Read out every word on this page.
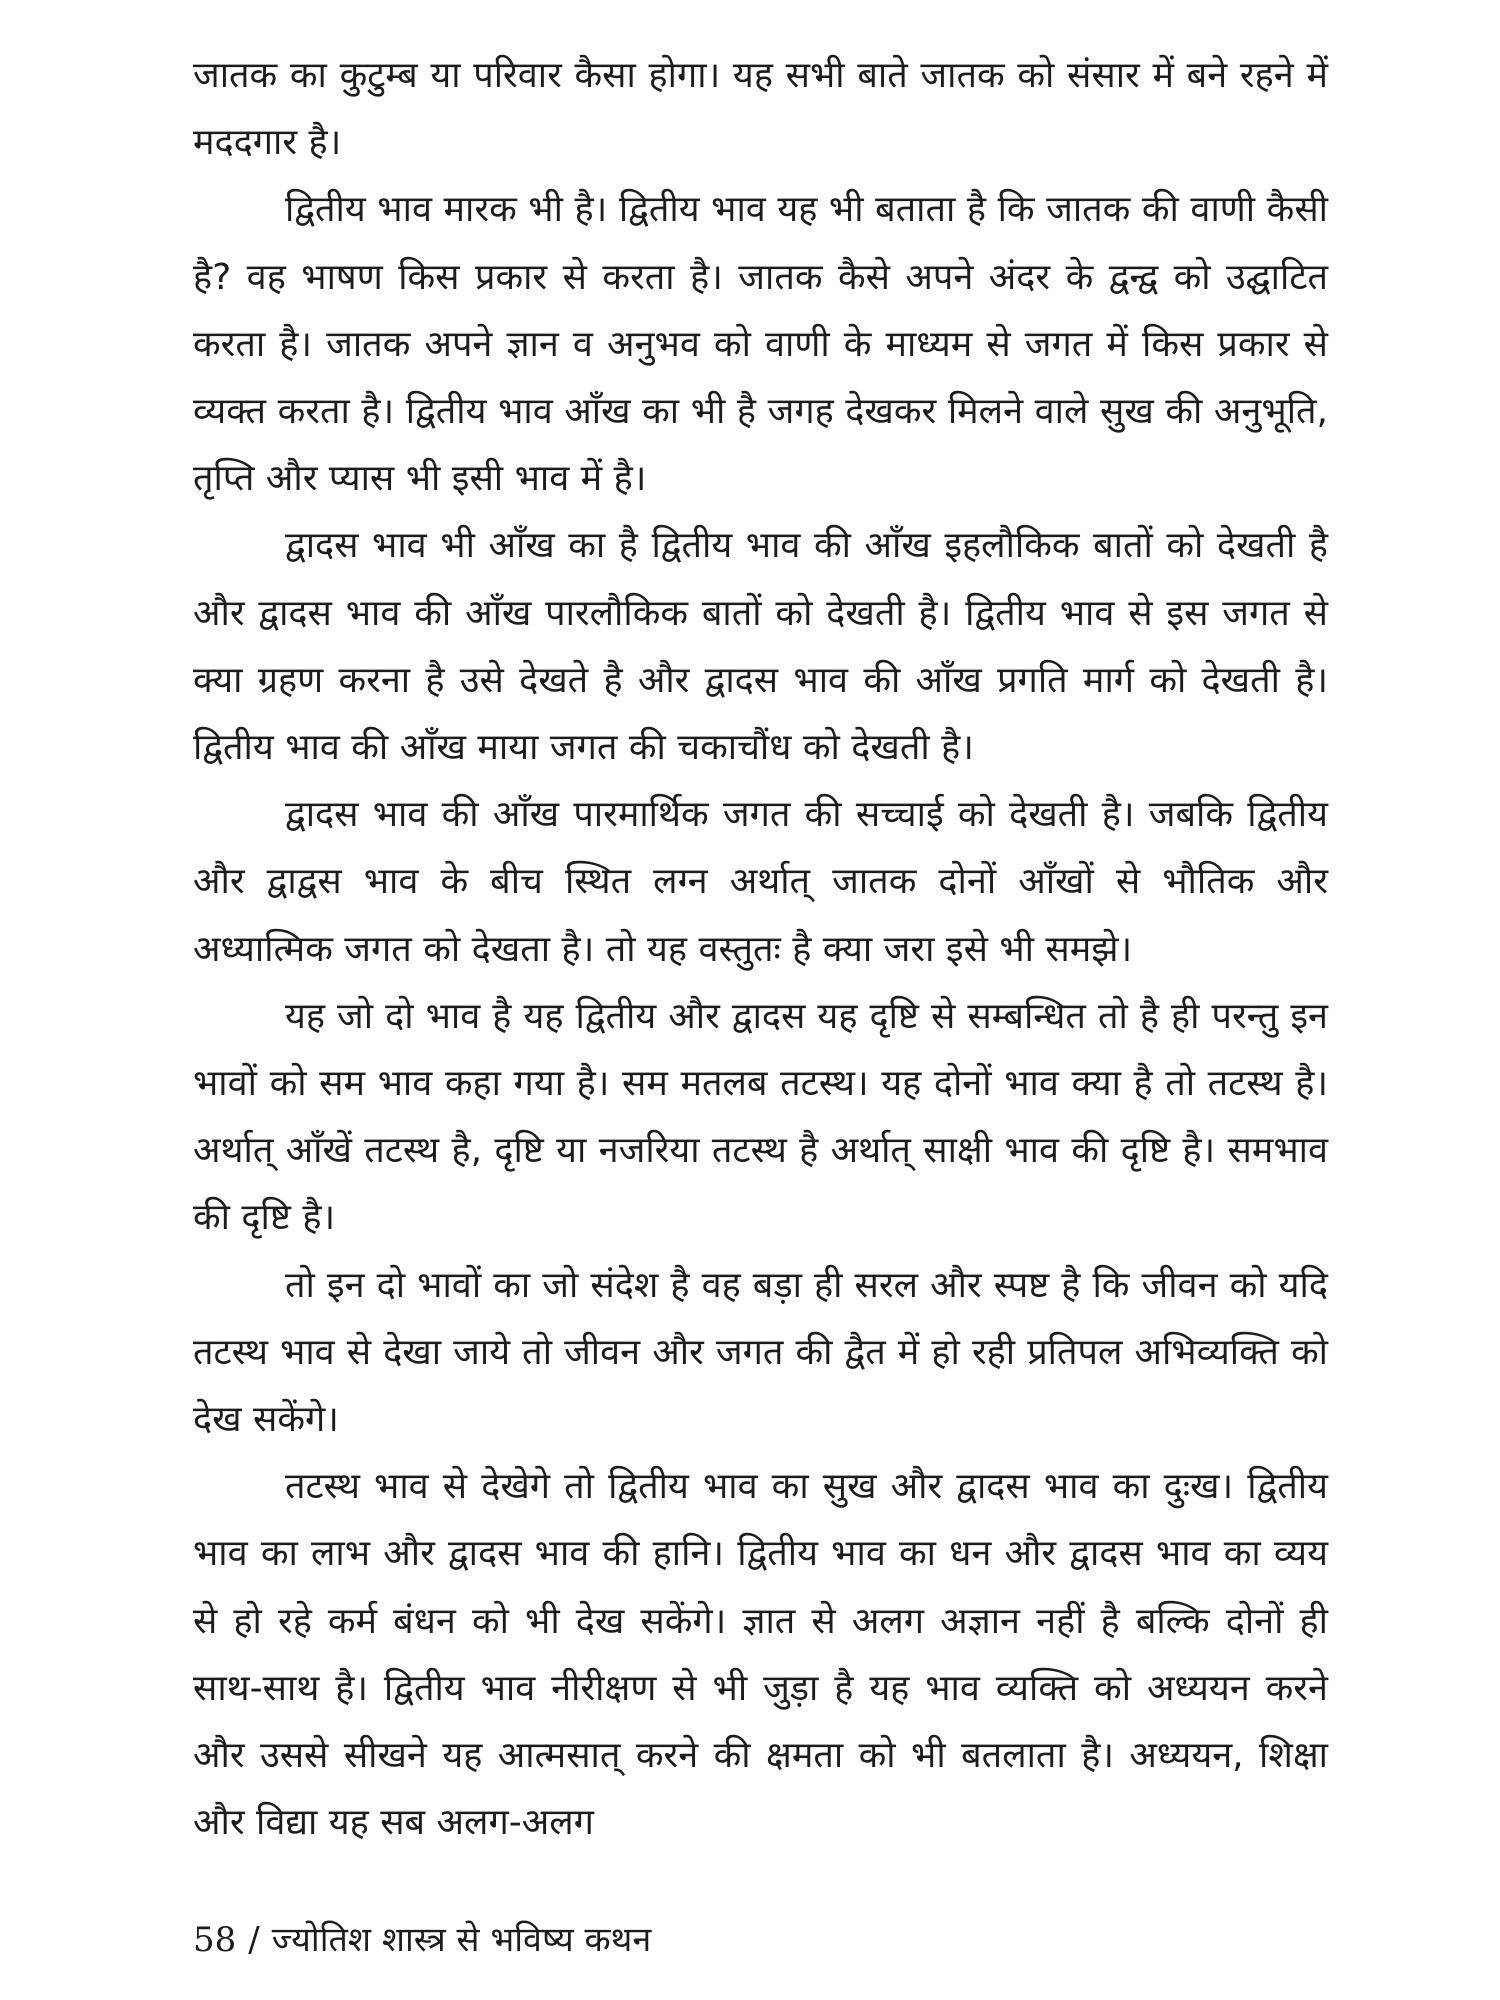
जातक का कुटुम्ब या परिवार कैसा होगा। यह सभी बाते जातक को संसार में बने रहने में मददगार है।

द्वितीय भाव मारक भी है। द्वितीय भाव यह भी बताता है कि जातक की वाणी कैसी है? वह भाषण किस प्रकार से करता है। जातक कैसे अपने अंदर के द्वन्द्व को उद्घाटित करता है। जातक अपने ज्ञान व अनुभव को वाणी के माध्यम से जगत में किस प्रकार से व्यक्त करता है। द्वितीय भाव आँख का भी है जगह देखकर मिलने वाले सुख की अनुभूति, तृप्ति और प्यास भी इसी भाव में है।

द्वादस भाव भी आँख का है द्वितीय भाव की आँख इहलौकिक बातों को देखती है और द्वादस भाव की आँख पारलौकिक बातों को देखती है। द्वितीय भाव से इस जगत से क्या ग्रहण करना है उसे देखते है और द्वादस भाव की आँख प्रगति मार्ग को देखती है। द्वितीय भाव की आँख माया जगत की चकाचौंध को देखती है।

द्वादस भाव की आँख पारमार्थिक जगत की सच्चाई को देखती है। जबकि द्वितीय और द्वाद्वस भाव के बीच स्थित लग्न अर्थात् जातक दोनों आँखों से भौतिक और अध्यात्मिक जगत को देखता है। तो यह वस्तुतः है क्या जरा इसे भी समझे।

यह जो दो भाव है यह द्वितीय और द्वादस यह दृष्टि से सम्बन्धित तो है ही परन्तु इन भावों को सम भाव कहा गया है। सम मतलब तटस्थ। यह दोनों भाव क्या है तो तटस्थ है। अर्थात् आँखें तटस्थ है, दृष्टि या नजरिया तटस्थ है अर्थात् साक्षी भाव की दृष्टि है। समभाव की दृष्टि है।

तो इन दो भावों का जो संदेश है वह बड़ा ही सरल और स्पष्ट है कि जीवन को यदि तटस्थ भाव से देखा जाये तो जीवन और जगत की द्वैत में हो रही प्रतिपल अभिव्यक्ति को देख सकेंगे।

तटस्थ भाव से देखेगे तो द्वितीय भाव का सुख और द्वादस भाव का दुःख। द्वितीय भाव का लाभ और द्वादस भाव की हानि। द्वितीय भाव का धन और द्वादस भाव का व्यय से हो रहे कर्म बंधन को भी देख सकेंगे। ज्ञात से अलग अज्ञान नहीं है बल्कि दोनों ही साथ-साथ है। द्वितीय भाव नीरीक्षण से भी जुड़ा है यह भाव व्यक्ति को अध्ययन करने और उससे सीखने यह आत्मसात् करने की क्षमता को भी बतलाता है। अध्ययन, शिक्षा और विद्या यह सब अलग-अलग

58 / ज्योतिश शास्त्र से भविष्य कथन
